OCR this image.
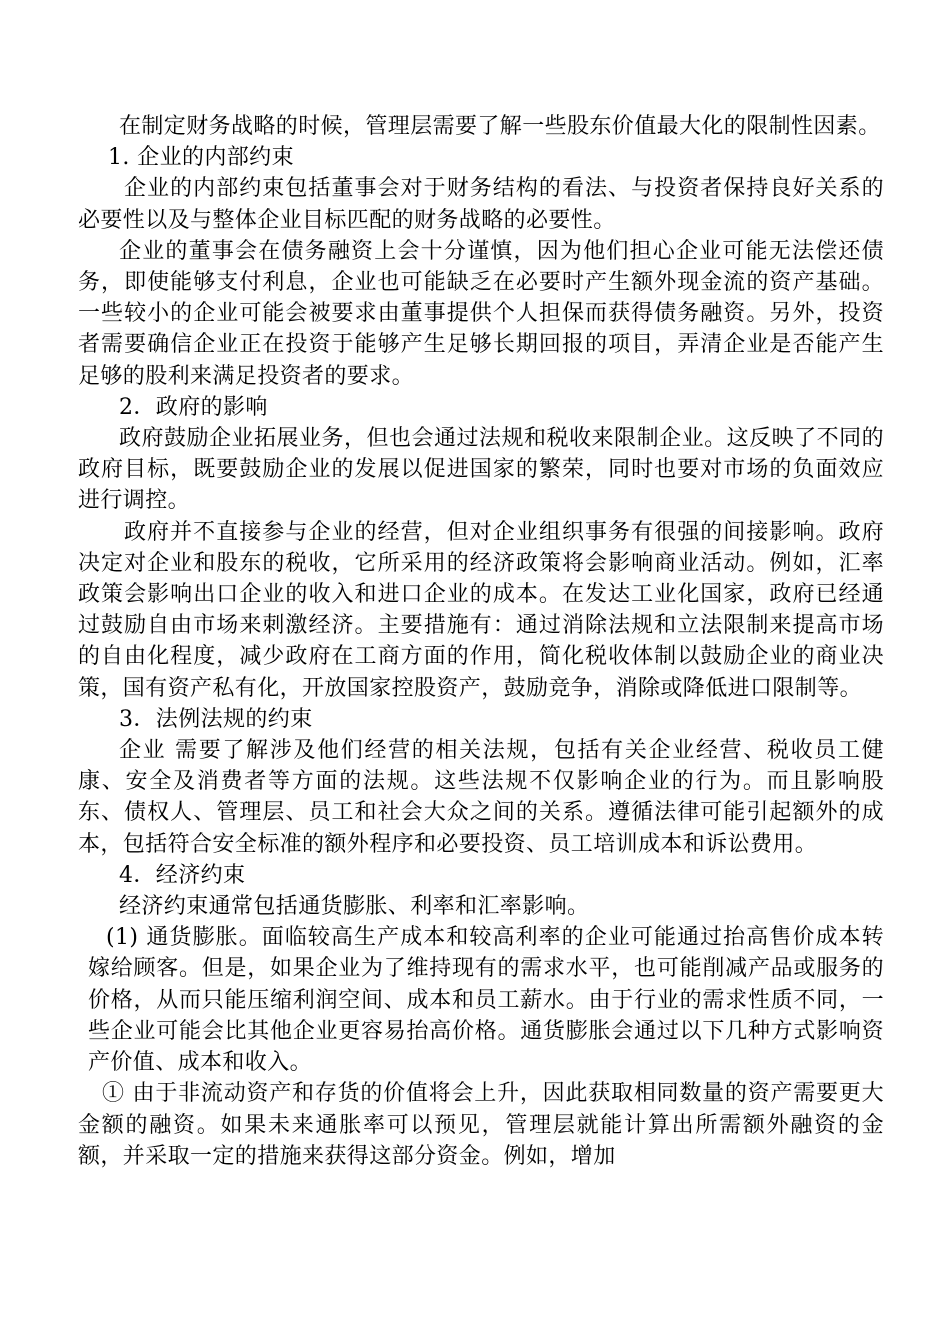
在制定财务战略的时候，管理层需要了解一些股东价值最大化的限制性因素。

1. 企业的内部约束

企业的内部约束包括董事会对于财务结构的看法、与投资者保持良好关系的必要性以及与整体企业目标匹配的财务战略的必要性。

企业的董事会在债务融资上会十分谨慎，因为他们担心企业可能无法偿还债务，即使能够支付利息，企业也可能缺乏在必要时产生额外现金流的资产基础。一些较小的企业可能会被要求由董事提供个人担保而获得债务融资。另外，投资者需要确信企业正在投资于能够产生足够长期回报的项目，弄清企业是否能产生足够的股利来满足投资者的要求。

2．政府的影响

政府鼓励企业拓展业务，但也会通过法规和税收来限制企业。这反映了不同的政府目标，既要鼓励企业的发展以促进国家的繁荣，同时也要对市场的负面效应进行调控。

政府并不直接参与企业的经营，但对企业组织事务有很强的间接影响。政府决定对企业和股东的税收，它所采用的经济政策将会影响商业活动。例如，汇率政策会影响出口企业的收入和进口企业的成本。在发达工业化国家，政府已经通过鼓励自由市场来刺激经济。主要措施有：通过消除法规和立法限制来提高市场的自由化程度，减少政府在工商方面的作用，简化税收体制以鼓励企业的商业决策，国有资产私有化，开放国家控股资产，鼓励竞争，消除或降低进口限制等。

3．法例法规的约束

企业 需要了解涉及他们经营的相关法规，包括有关企业经营、税收员工健康、安全及消费者等方面的法规。这些法规不仅影响企业的行为。而且影响股东、债权人、管理层、员工和社会大众之间的关系。遵循法律可能引起额外的成本，包括符合安全标准的额外程序和必要投资、员工培训成本和诉讼费用。

4．经济约束

经济约束通常包括通货膨胀、利率和汇率影响。

(1) 通货膨胀。面临较高生产成本和较高利率的企业可能通过抬高售价成本转嫁给顾客。但是，如果企业为了维持现有的需求水平，也可能削减产品或服务的价格，从而只能压缩利润空间、成本和员工薪水。由于行业的需求性质不同，一些企业可能会比其他企业更容易抬高价格。通货膨胀会通过以下几种方式影响资产价值、成本和收入。

① 由于非流动资产和存货的价值将会上升，因此获取相同数量的资产需要更大金额的融资。如果未来通胀率可以预见，管理层就能计算出所需额外融资的金额，并采取一定的措施来获得这部分资金。例如，增加
